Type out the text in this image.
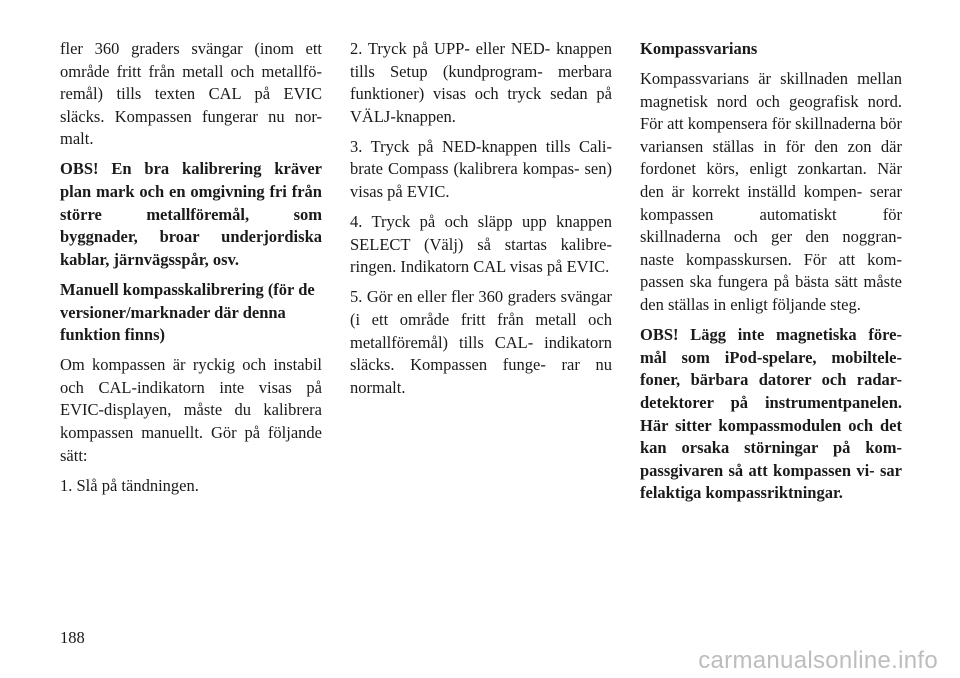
fler 360 graders svängar (inom ett område fritt från metall och metallfö- remål) tills texten CAL på EVIC släcks. Kompassen fungerar nu nor- malt.

OBS! En bra kalibrering kräver plan mark och en omgivning fri från större metallföremål, som byggnader, broar underjordiska kablar, järnvägsspår, osv.

Manuell kompasskalibrering (för de versioner/marknader där denna funktion finns)

Om kompassen är ryckig och instabil och CAL-indikatorn inte visas på EVIC-displayen, måste du kalibrera kompassen manuellt. Gör på följande sätt:

1. Slå på tändningen.

2. Tryck på UPP- eller NED- knappen tills Setup (kundprogram- merbara funktioner) visas och tryck sedan på VÄLJ-knappen.

3. Tryck på NED-knappen tills Cali- brate Compass (kalibrera kompas- sen) visas på EVIC.

4. Tryck på och släpp upp knappen SELECT (Välj) så startas kalibre- ringen. Indikatorn CAL visas på EVIC.

5. Gör en eller fler 360 graders svängar (i ett område fritt från metall och metallföremål) tills CAL- indikatorn släcks. Kompassen funge- rar nu normalt.

Kompassvarians

Kompassvarians är skillnaden mellan magnetisk nord och geografisk nord. För att kompensera för skillnaderna bör variansen ställas in för den zon där fordonet körs, enligt zonkartan. När den är korrekt inställd kompen- serar kompassen automatiskt för skillnaderna och ger den noggran- naste kompasskursen. För att kom- passen ska fungera på bästa sätt måste den ställas in enligt följande steg.

OBS! Lägg inte magnetiska före- mål som iPod-spelare, mobiltele- foner, bärbara datorer och radar- detektorer på instrumentpanelen. Här sitter kompassmodulen och det kan orsaka störningar på kom- passgivaren så att kompassen vi- sar felaktiga kompassriktningar.

188
carmanualsonline.info
